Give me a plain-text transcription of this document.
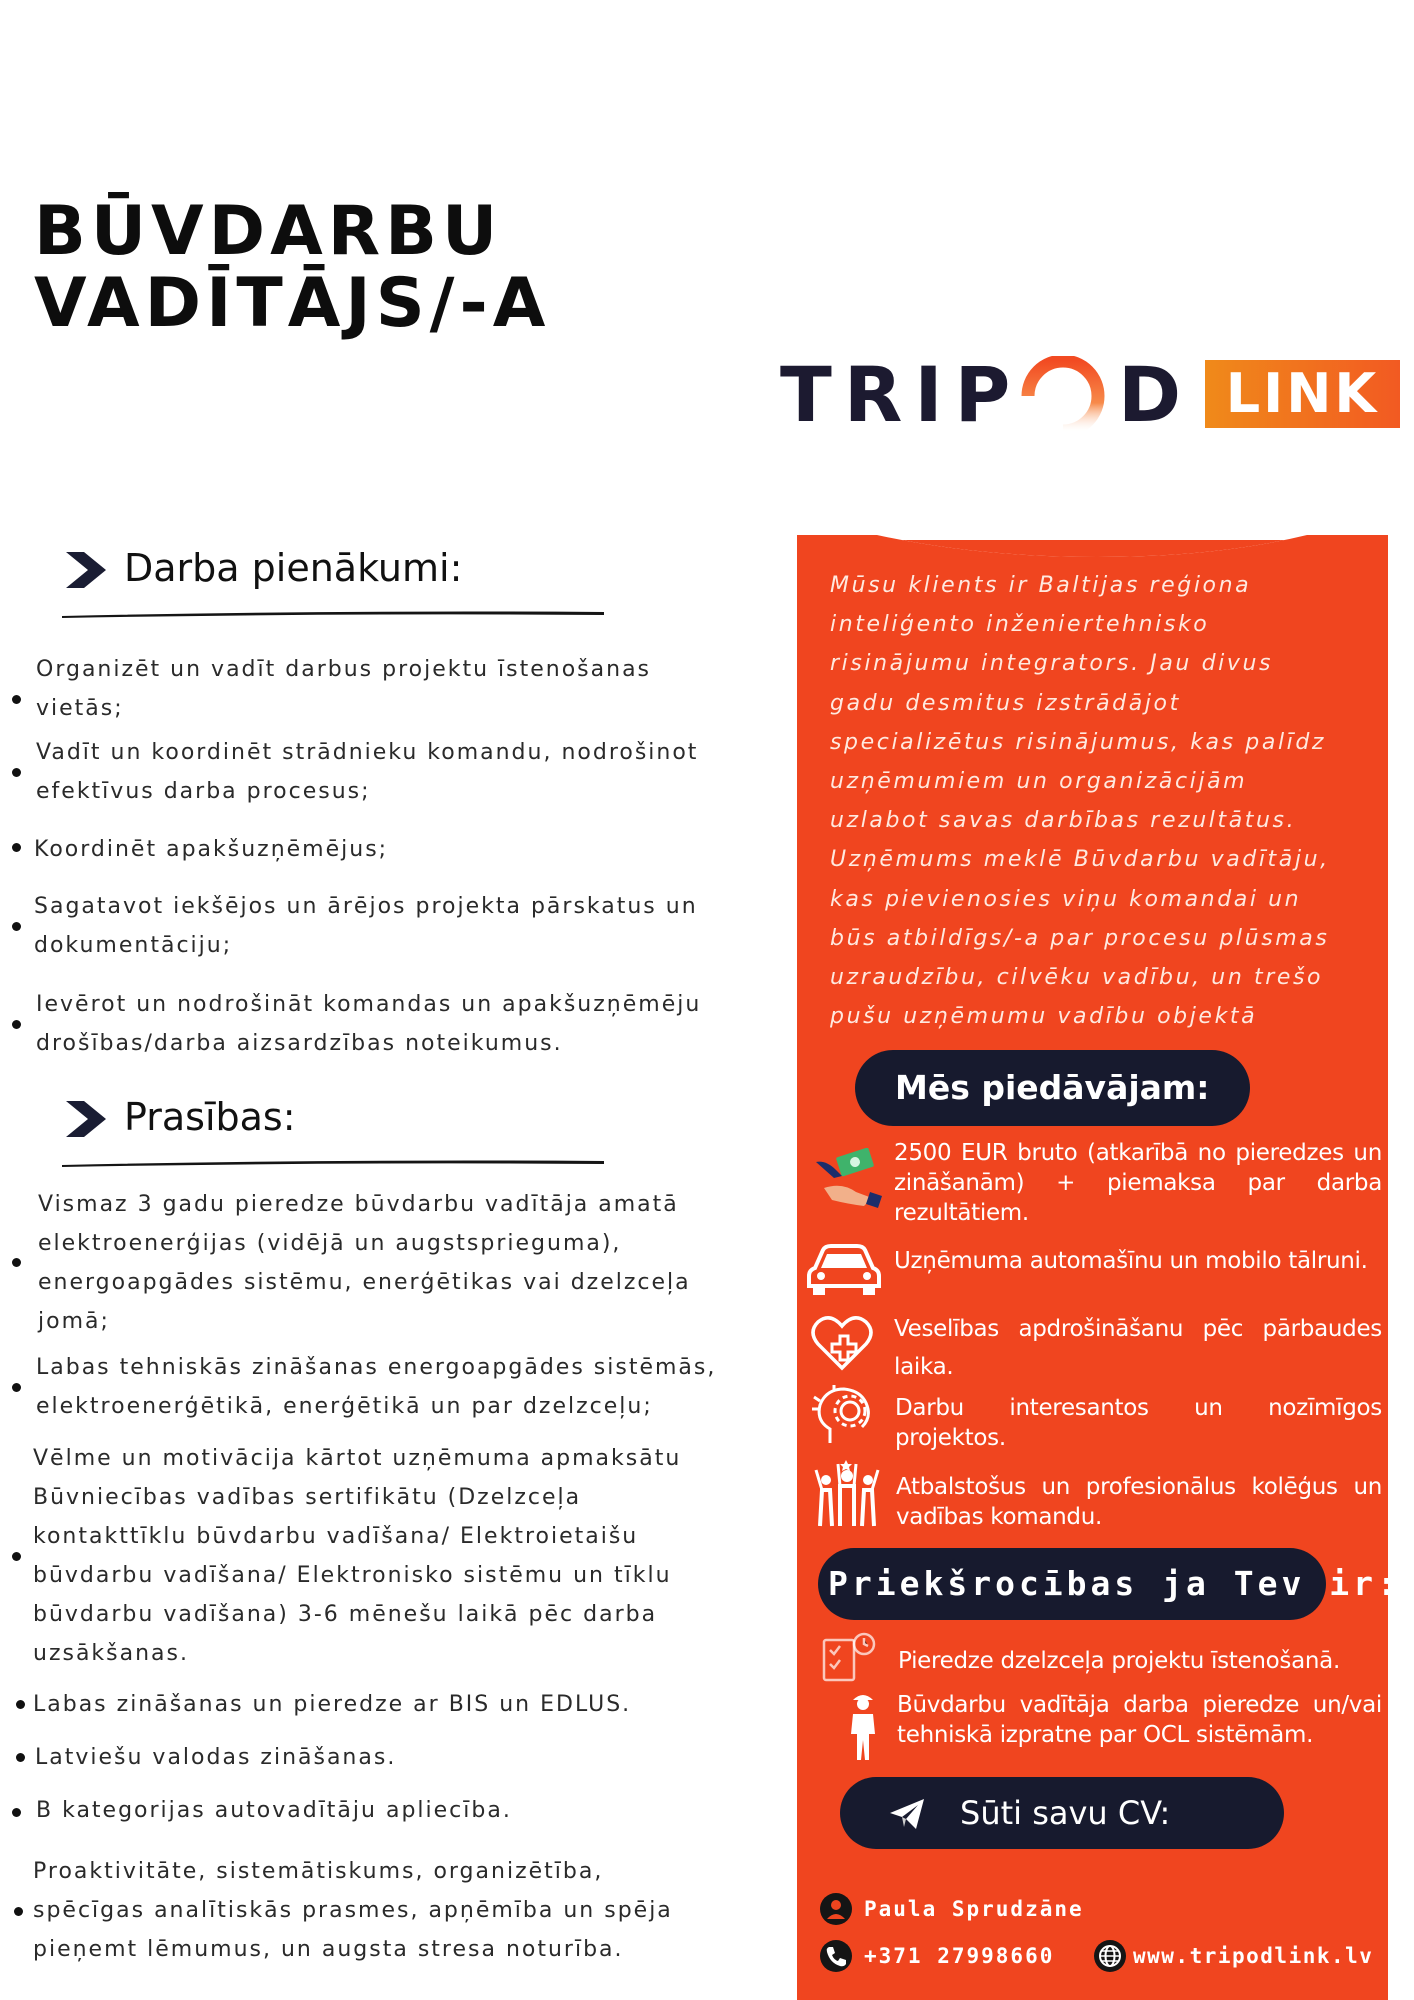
BŪVDARBU
VADĪTĀJS/-A
TRIP D LINK
Darba pienākumi:
Organizēt un vadīt darbus projektu īstenošanas
vietās;
Vadīt un koordinēt strādnieku komandu, nodrošinot
efektīvus darba procesus;
Koordinēt apakšuzņēmējus;
Sagatavot iekšējos un ārējos projekta pārskatus un
dokumentāciju;
Ievērot un nodrošināt komandas un apakšuzņēmēju
drošības/darba aizsardzības noteikumus.
Prasības:
Vismaz 3 gadu pieredze būvdarbu vadītāja amatā
elektroenerģijas (vidējā un augstsprieguma),
energoapgādes sistēmu, enerģētikas vai dzelzceļa
jomā;
Labas tehniskās zināšanas energoapgādes sistēmās,
elektroenerģētikā, enerģētikā un par dzelzceļu;
Vēlme un motivācija kārtot uzņēmuma apmaksātu
Būvniecības vadības sertifikātu (Dzelzceļa
kontakttīklu būvdarbu vadīšana/ Elektroietaišu
būvdarbu vadīšana/ Elektronisko sistēmu un tīklu
būvdarbu vadīšana) 3-6 mēnešu laikā pēc darba
uzsākšanas.
Labas zināšanas un pieredze ar BIS un EDLUS.
Latviešu valodas zināšanas.
B kategorijas autovadītāju apliecība.
Proaktivitāte, sistemātiskums, organizētība,
spēcīgas analītiskās prasmes, apņēmība un spēja
pieņemt lēmumus, un augsta stresa noturība.
Mūsu klients ir Baltijas reģiona
inteliģento inženiertehnisko
risinājumu integrators. Jau divus
gadu desmitus izstrādājot
specializētus risinājumus, kas palīdz
uzņēmumiem un organizācijām
uzlabot savas darbības rezultātus.
Uzņēmums meklē Būvdarbu vadītāju,
kas pievienosies viņu komandai un
būs atbildīgs/-a par procesu plūsmas
uzraudzību, cilvēku vadību, un trešo
pušu uzņēmumu vadību objektā
Mēs piedāvājam:
2500 EUR bruto (atkarībā no pieredzes un zināšanām) + piemaksa par darba rezultātiem.
Uzņēmuma automašīnu un mobilo tālruni.
Veselības apdrošināšanu pēc pārbaudes laika.
Darbu interesantos un nozīmīgos projektos.
Atbalstošus un profesionālus kolēģus un vadības komandu.
Priekšrocības ja Tev ir:
Pieredze dzelzceļa projektu īstenošanā.
Būvdarbu vadītāja darba pieredze un/vai tehniskā izpratne par OCL sistēmām.
Sūti savu CV:
Paula Sprudzāne
+371 27998660	www.tripodlink.lv
